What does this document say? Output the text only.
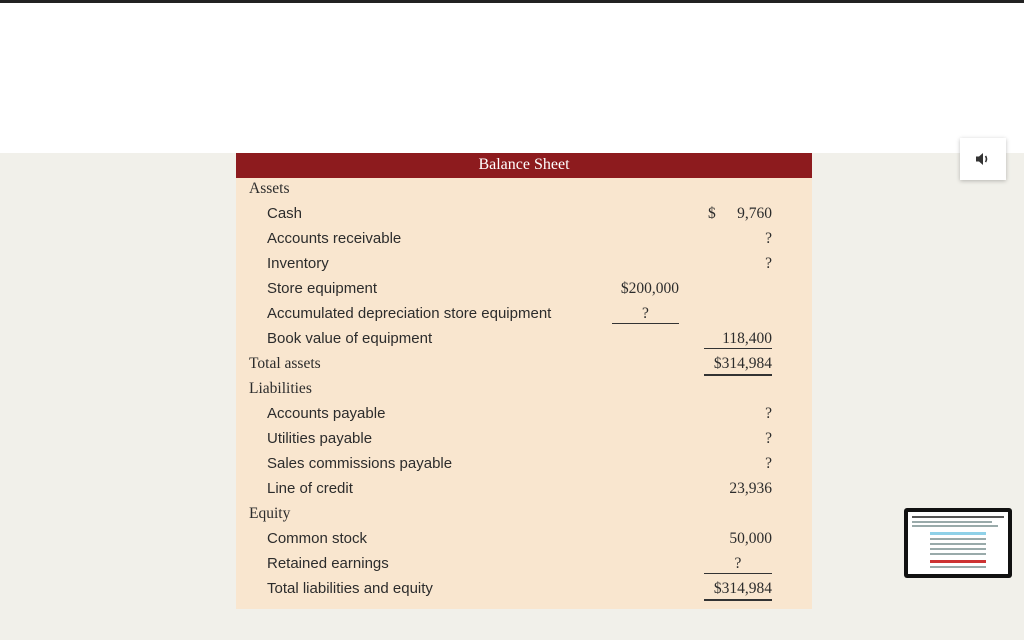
Balance Sheet
Assets
Cash	$	9,760
Accounts receivable	?
Inventory	?
Store equipment	$200,000
Accumulated depreciation store equipment	?
Book value of equipment	118,400
Total assets	$314,984
Liabilities
Accounts payable	?
Utilities payable	?
Sales commissions payable	?
Line of credit	23,936
Equity
Common stock	50,000
Retained earnings	?
Total liabilities and equity	$314,984
